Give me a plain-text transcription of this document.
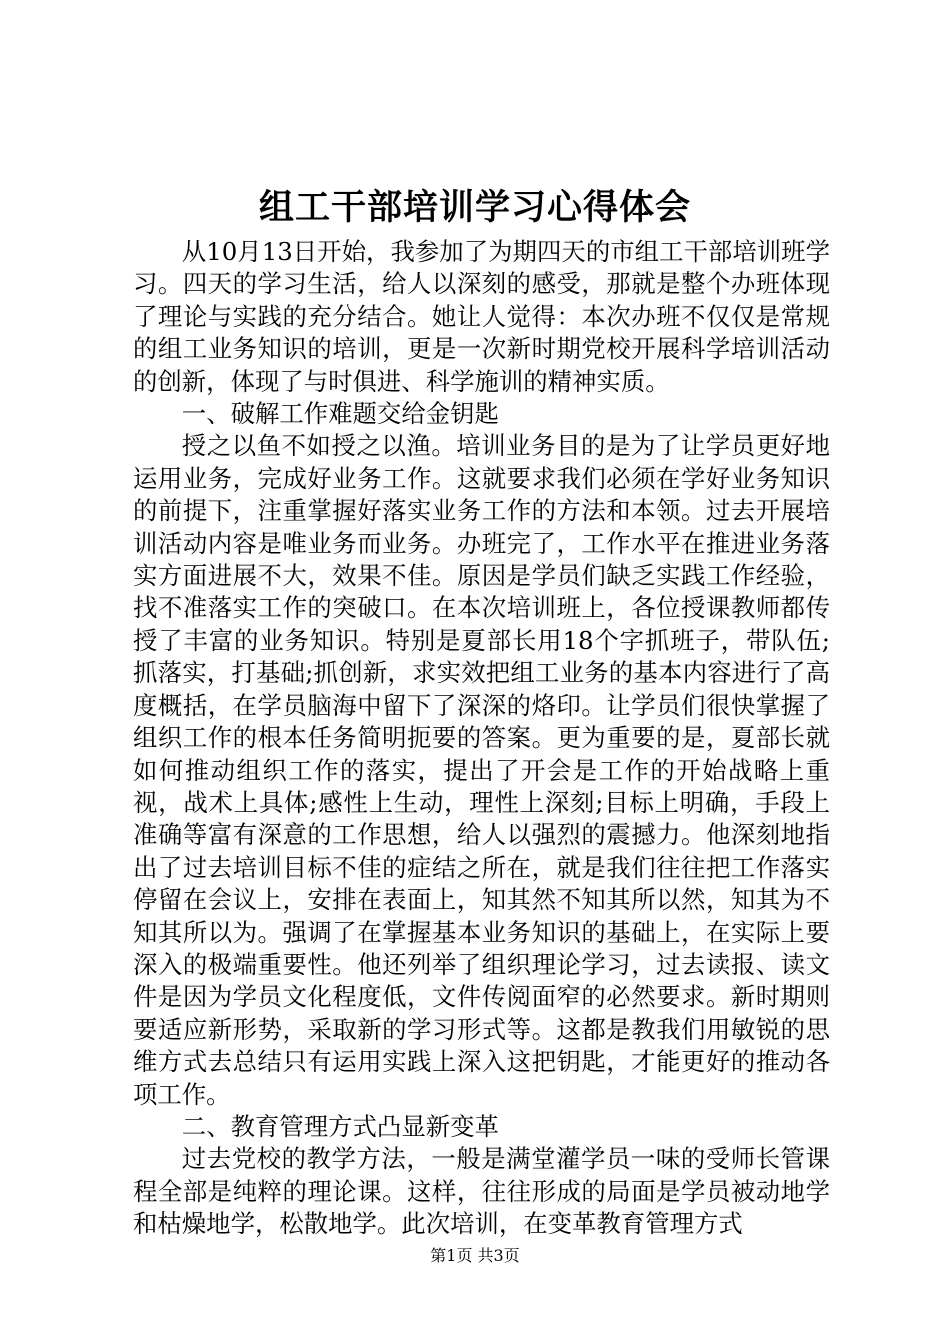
组工干部培训学习心得体会

从10月13日开始，我参加了为期四天的市组工干部培训班学习。四天的学习生活，给人以深刻的感受，那就是整个办班体现了理论与实践的充分结合。她让人觉得：本次办班不仅仅是常规的组工业务知识的培训，更是一次新时期党校开展科学培训活动的创新，体现了与时俱进、科学施训的精神实质。

一、破解工作难题交给金钥匙

授之以鱼不如授之以渔。培训业务目的是为了让学员更好地运用业务，完成好业务工作。这就要求我们必须在学好业务知识的前提下，注重掌握好落实业务工作的方法和本领。过去开展培训活动内容是唯业务而业务。办班完了，工作水平在推进业务落实方面进展不大，效果不佳。原因是学员们缺乏实践工作经验，找不准落实工作的突破口。在本次培训班上，各位授课教师都传授了丰富的业务知识。特别是夏部长用18个字抓班子，带队伍;抓落实，打基础;抓创新，求实效把组工业务的基本内容进行了高度概括，在学员脑海中留下了深深的烙印。让学员们很快掌握了组织工作的根本任务简明扼要的答案。更为重要的是，夏部长就如何推动组织工作的落实，提出了开会是工作的开始战略上重视，战术上具体;感性上生动，理性上深刻;目标上明确，手段上准确等富有深意的工作思想，给人以强烈的震撼力。他深刻地指出了过去培训目标不佳的症结之所在，就是我们往往把工作落实停留在会议上，安排在表面上，知其然不知其所以然，知其为不知其所以为。强调了在掌握基本业务知识的基础上，在实际上要深入的极端重要性。他还列举了组织理论学习，过去读报、读文件是因为学员文化程度低，文件传阅面窄的必然要求。新时期则要适应新形势，采取新的学习形式等。这都是教我们用敏锐的思维方式去总结只有运用实践上深入这把钥匙，才能更好的推动各项工作。

二、教育管理方式凸显新变革

过去党校的教学方法，一般是满堂灌学员一味的受师长管课程全部是纯粹的理论课。这样，往往形成的局面是学员被动地学和枯燥地学，松散地学。此次培训，在变革教育管理方式

第1页 共3页
